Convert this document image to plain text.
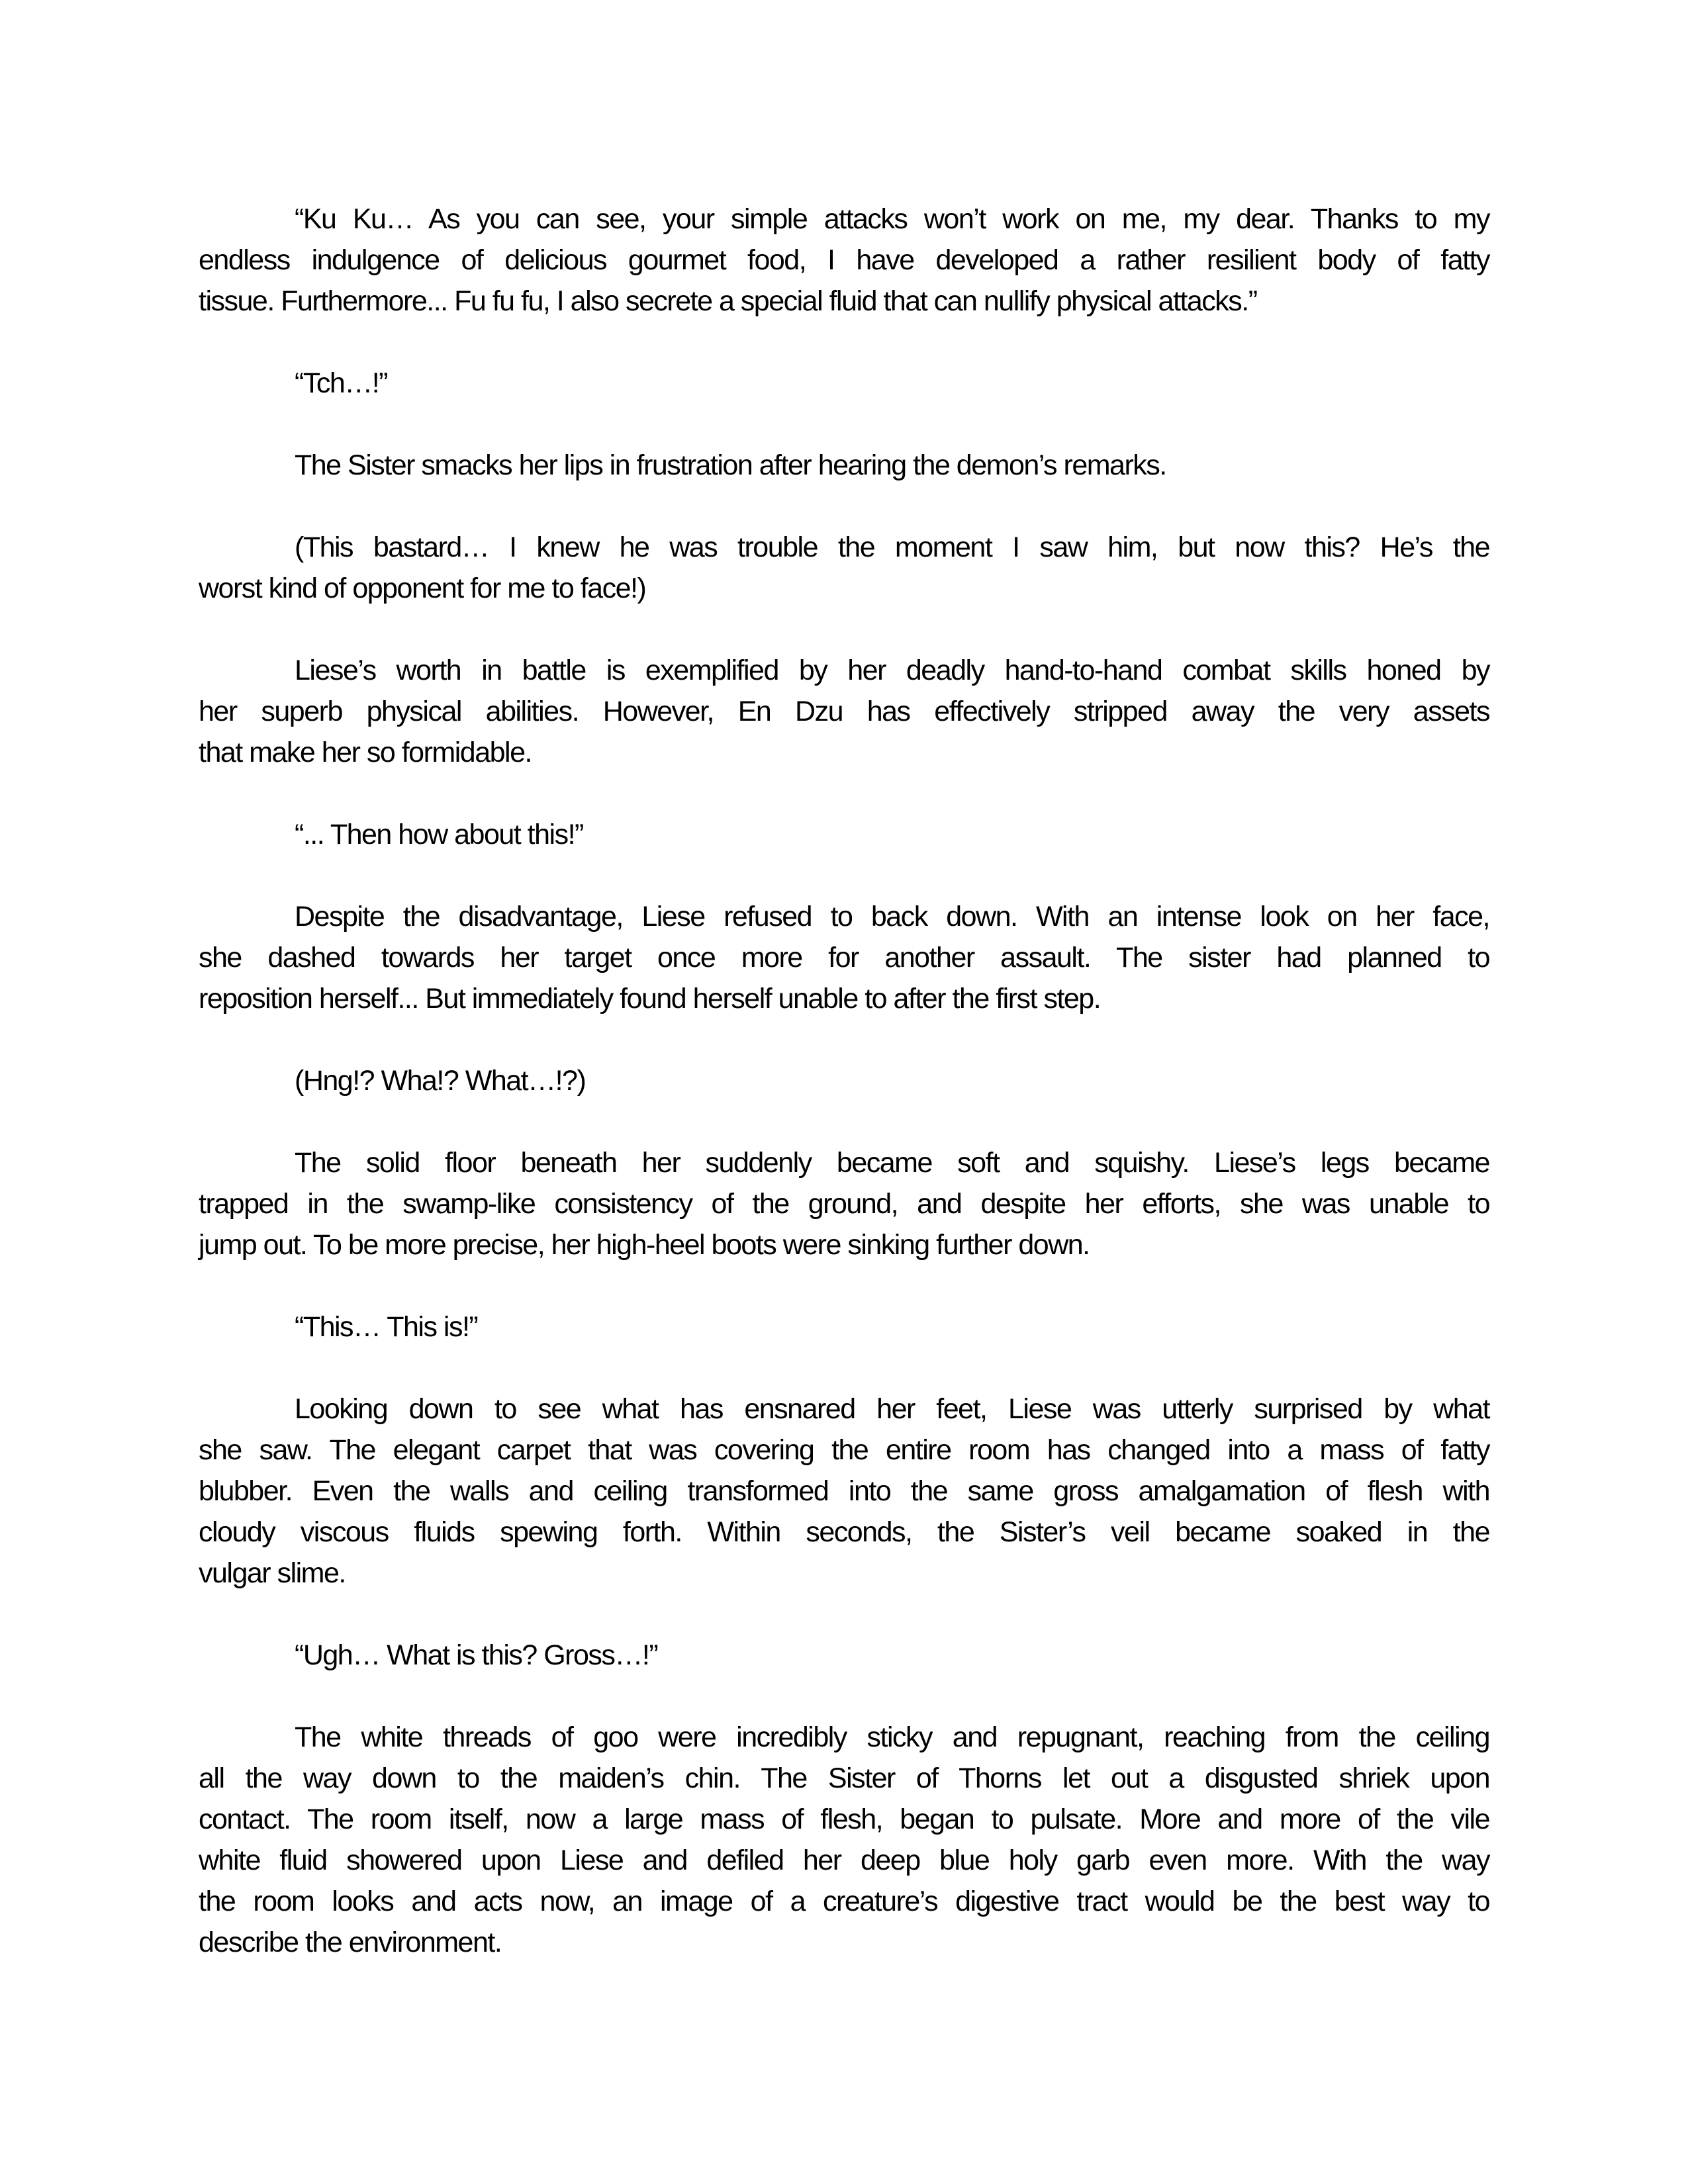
“Ku Ku… As you can see, your simple attacks won’t work on me, my dear. Thanks to my
endless indulgence of delicious gourmet food, I have developed a rather resilient body of fatty
tissue. Furthermore... Fu fu fu, I also secrete a special fluid that can nullify physical attacks.”

“Tch…!”

The Sister smacks her lips in frustration after hearing the demon’s remarks.

(This bastard… I knew he was trouble the moment I saw him, but now this? He’s the
worst kind of opponent for me to face!)

Liese’s worth in battle is exemplified by her deadly hand-to-hand combat skills honed by
her superb physical abilities. However, En Dzu has effectively stripped away the very assets
that make her so formidable.

“... Then how about this!”

Despite the disadvantage, Liese refused to back down. With an intense look on her face,
she dashed towards her target once more for another assault. The sister had planned to
reposition herself... But immediately found herself unable to after the first step.

(Hng!? Wha!? What…!?)

The solid floor beneath her suddenly became soft and squishy. Liese’s legs became
trapped in the swamp-like consistency of the ground, and despite her efforts, she was unable to
jump out. To be more precise, her high-heel boots were sinking further down.

“This… This is!”

Looking down to see what has ensnared her feet, Liese was utterly surprised by what
she saw. The elegant carpet that was covering the entire room has changed into a mass of fatty
blubber. Even the walls and ceiling transformed into the same gross amalgamation of flesh with
cloudy viscous fluids spewing forth. Within seconds, the Sister’s veil became soaked in the
vulgar slime.

“Ugh… What is this? Gross…!”

The white threads of goo were incredibly sticky and repugnant, reaching from the ceiling
all the way down to the maiden’s chin. The Sister of Thorns let out a disgusted shriek upon
contact. The room itself, now a large mass of flesh, began to pulsate. More and more of the vile
white fluid showered upon Liese and defiled her deep blue holy garb even more. With the way
the room looks and acts now, an image of a creature’s digestive tract would be the best way to
describe the environment.
